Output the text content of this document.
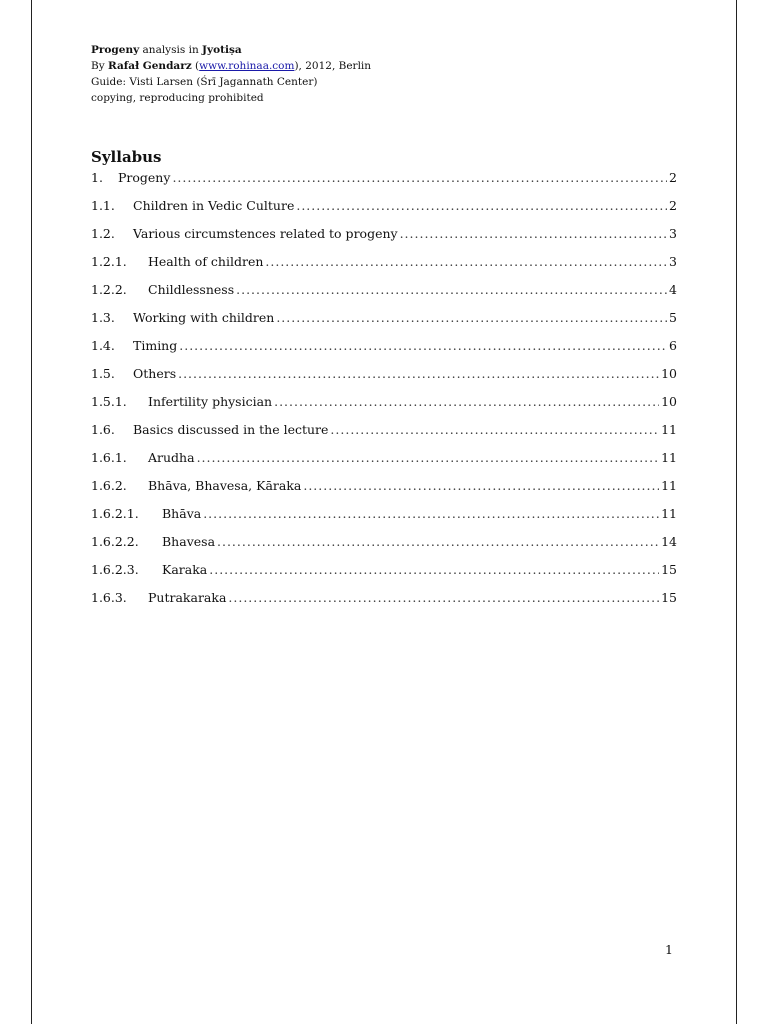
Progeny analysis in Jyotiṣa
By Rafał Gendarz (www.rohinaa.com), 2012, Berlin
Guide: Visti Larsen (Śrī Jagannath Center)
copying, reproducing prohibited
Syllabus
1.	Progeny .....	2
1.1.	Children in Vedic Culture .....	2
1.2.	Various circumstences related to progeny .....	3
1.2.1.	Health of children .....	3
1.2.2.	Childlessness .....	4
1.3.	Working with children .....	5
1.4.	Timing .....	6
1.5.	Others .....	10
1.5.1.	Infertility physician .....	10
1.6.	Basics discussed in the lecture .....	11
1.6.1.	Arudha .....	11
1.6.2.	Bhāva, Bhavesa, Kāraka .....	11
1.6.2.1.	Bhāva .....	11
1.6.2.2.	Bhavesa .....	14
1.6.2.3.	Karaka .....	15
1.6.3.	Putrakaraka .....	15
1
